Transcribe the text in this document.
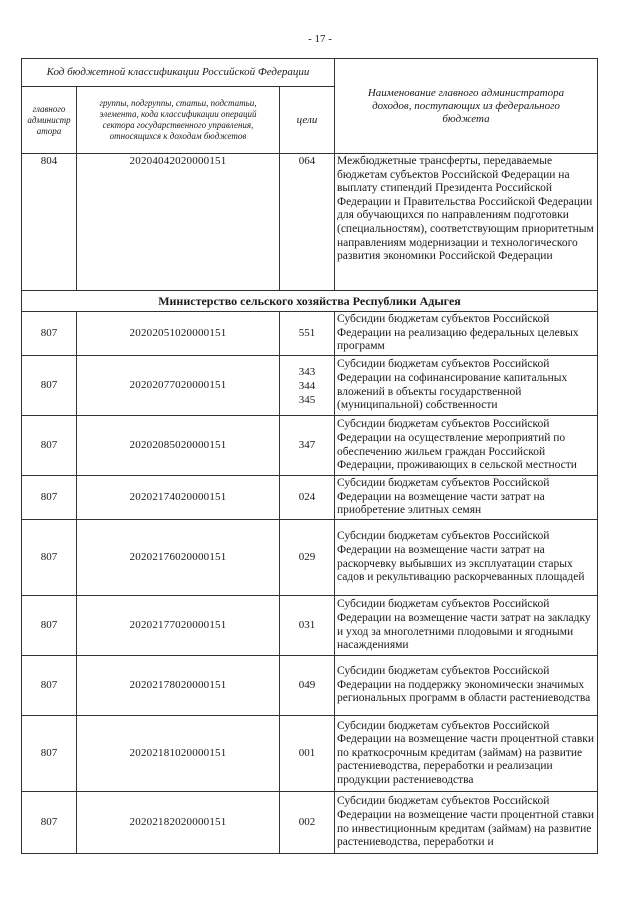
- 17 -
Код бюджетной классификации Российской Федерации			Наименование главного администратора доходов, поступающих из федерального бюджета
главного
администр
атора	группы, подгруппы, статьи, подстатьи, элемента, кода классификации операций сектора государственного управления, относящихся к доходам бюджетов	цели	
804	20204042020000151	064	Межбюджетные трансферты, передаваемые бюджетам субъектов Российской Федерации на выплату стипендий Президента Российской Федерации и Правительства Российской Федерации для обучающихся по направлениям подготовки (специальностям), соответствующим приоритетным направлениям модернизации и технологического развития экономики Российской Федерации
Министерство сельского хозяйства Республики Адыгея			
807	20202051020000151	551	Субсидии бюджетам субъектов Российской Федерации на реализацию федеральных целевых программ
807	20202077020000151	343
344
345	Субсидии бюджетам субъектов Российской Федерации на софинансирование капитальных вложений в объекты государственной (муниципальной) собственности
807	20202085020000151	347	Субсидии бюджетам субъектов Российской Федерации на осуществление мероприятий по обеспечению жильем граждан Российской Федерации, проживающих в сельской местности
807	20202174020000151	024	Субсидии бюджетам субъектов Российской Федерации на возмещение части затрат на приобретение элитных семян
807	20202176020000151	029	Субсидии бюджетам субъектов Российской Федерации на возмещение части затрат на раскорчевку выбывших из эксплуатации старых садов и рекультивацию раскорчеванных площадей
807	20202177020000151	031	Субсидии бюджетам субъектов Российской Федерации на возмещение части затрат на закладку и уход за многолетними плодовыми и ягодными насаждениями
807	20202178020000151	049	Субсидии бюджетам субъектов Российской Федерации на поддержку экономически значимых региональных программ в области растениеводства
807	20202181020000151	001	Субсидии бюджетам субъектов Российской Федерации на возмещение части процентной ставки по краткосрочным кредитам (займам) на развитие растениеводства, переработки и реализации продукции растениеводства
807	20202182020000151	002	Субсидии бюджетам субъектов Российской Федерации на возмещение части процентной ставки по инвестиционным кредитам (займам) на развитие растениеводства, переработки и
